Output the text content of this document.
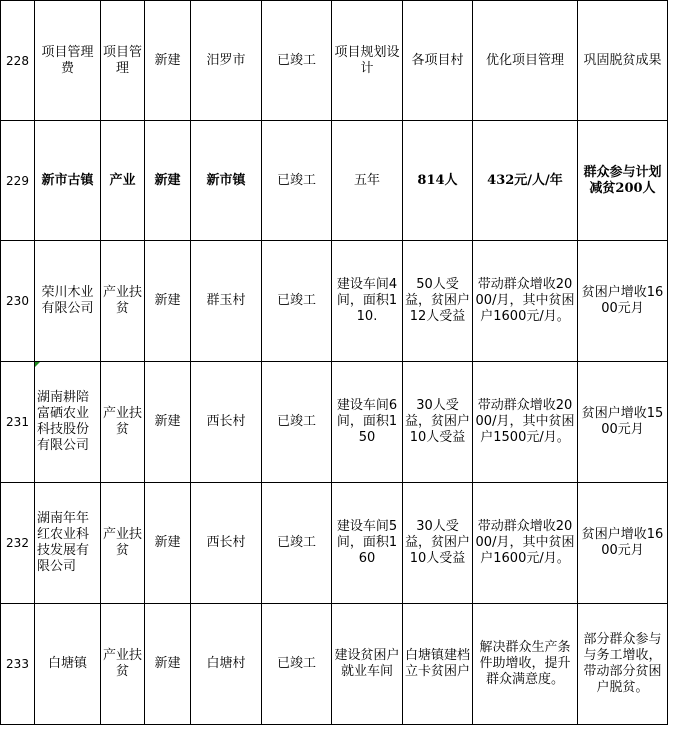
228	项目管理费	项目管理	新建	汨罗市	已竣工	项目规划设计	各项目村	优化项目管理	巩固脱贫成果
229	新市古镇	产业	新建	新市镇	已竣工	五年	814人	432元/人/年	群众参与计划减贫200人
230	荣川木业有限公司	产业扶贫	新建	群玉村	已竣工	建设车间4间，面积110.	50人受益，贫困户12人受益	带动群众增收2000/月，其中贫困户1600元/月。	贫困户增收1600元月
231	湖南耕陪富硒农业科技股份有限公司	产业扶贫	新建	西长村	已竣工	建设车间6间，面积150	30人受益，贫困户10人受益	带动群众增收2000/月，其中贫困户1500元/月。	贫困户增收1500元月
232	湖南年年红农业科技发展有限公司	产业扶贫	新建	西长村	已竣工	建设车间5间，面积160	30人受益，贫困户10人受益	带动群众增收2000/月，其中贫困户1600元/月。	贫困户增收1600元月
233	白塘镇	产业扶贫	新建	白塘村	已竣工	建设贫困户就业车间	白塘镇建档立卡贫困户	解决群众生产条件助增收，提升群众满意度。	部分群众参与与务工增收，带动部分贫困户脱贫。
